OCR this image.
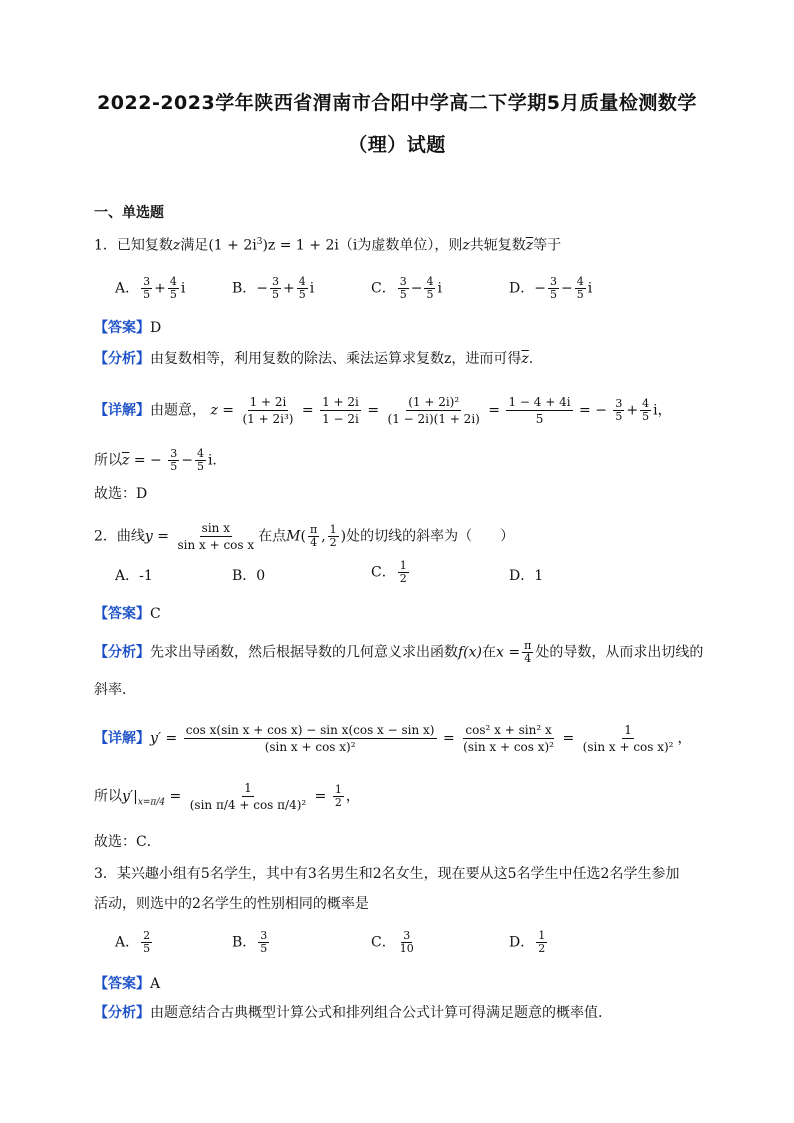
2022-2023学年陕西省渭南市合阳中学高二下学期5月质量检测数学
（理）试题
一、单选题
1．已知复数z满足$(1 + 2i^3)z = 1 + 2i(i$为虚数单位），则z共轭复数$\overline{z}$等于
A． $\frac{3}{5} + \frac{4}{5}$ i	B．− $\frac{3}{5} + \frac{4}{5}$ i	C． $\frac{3}{5} - \frac{4}{5}$ i	D．− $\frac{3}{5} - \frac{4}{5}$ i
【答案】D
【分析】由复数相等，利用复数的除法、乘法运算求复数z，进而可得$\overline{z}$.
【详解】由题意， $z = \frac{1 + 2i}{\text{(1 + 2i³)}} = \frac{1 + 2i}{1 - 2i} = \frac{\text{(1 + 2i)²}}{(1 - 2i)(1 + 2i)} = \frac{1 - 4 + 4i}{5}$ = − $\frac{3}{5} + \frac{4}{5}$ i，
所以$\overline{z}$ = − $\frac{3}{5} - \frac{4}{5} i$.
故选：D
2．曲线$y = \frac{\text{sin x}}{\text{sin x + cos x}}$ 在点$M( \frac{\pi}{4}$ , $\frac{1}{2}$ )处的切线的斜率为（　　）
A．-1	B．0	C． $\frac{1}{2}$	D．1
【答案】C
【分析】先求出导函数，然后根据导数的几何意义求出函数f(x)在$x = \frac{\pi}{4}$ 处的导数，从而求出切线的
斜率．
【详解】$y' = \frac{\text{cos x(sin x + cos x) − sin x(cos x − sin x)}}{\text{(sin x + cos x)²}} = \frac{\text{cos² x + sin² x}}{\text{(sin x + cos x)²}} = \frac{1}{\text{(sin x + cos x)²}}$ ，
所以$y'|_{x=\pi/4} = \frac{1}{\text{(sin π/4 + cos π/4)²}} = \frac{1}{2}$ ，
故选：C．
3．某兴趣小组有5名学生，其中有3名男生和2名女生，现在要从这5名学生中任选2名学生参加
活动，则选中的2名学生的性别相同的概率是
A． $\frac{2}{5}$	B． $\frac{3}{5}$	C． $\frac{3}{10}$	D． $\frac{1}{2}$
【答案】A
【分析】由题意结合古典概型计算公式和排列组合公式计算可得满足题意的概率值.
